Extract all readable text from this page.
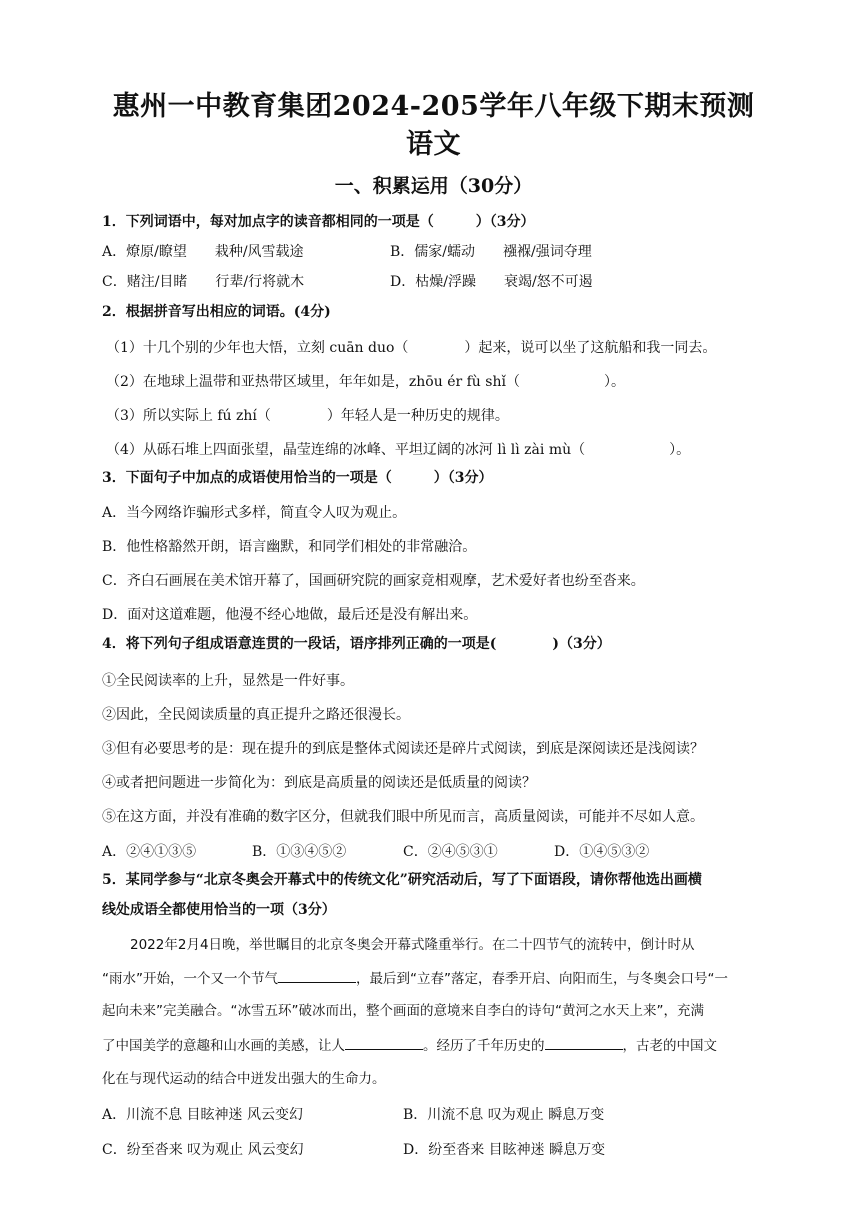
惠州一中教育集团2024-205学年八年级下期末预测
语文
一、积累运用（30分）
1．下列词语中，每对加点字的读音都相同的一项是（　　　）（3分）
A．燎原/瞭望　　栽种/风雪载途	B．儒家/蠕动　　襁褓/强词夺理
C．赌注/目睹　　行辈/行将就木	D．枯燥/浮躁　　衰竭/怒不可遏
2．根据拼音写出相应的词语。(4分)
（1）十几个别的少年也大悟，立刻 cuān duo（　　　　）起来，说可以坐了这航船和我一同去。
（2）在地球上温带和亚热带区域里，年年如是，zhōu ér fù shǐ（　　　　　　）。
（3）所以实际上 fú zhí（　　　　）年轻人是一种历史的规律。
（4）从砾石堆上四面张望，晶莹连绵的冰峰、平坦辽阔的冰河 lì lì zài mù（　　　　　　）。
3．下面句子中加点的成语使用恰当的一项是（　　　）（3分）
A．当今网络诈骗形式多样，简直令人叹为观止。
B．他性格豁然开朗，语言幽默，和同学们相处的非常融洽。
C．齐白石画展在美术馆开幕了，国画研究院的画家竞相观摩，艺术爱好者也纷至沓来。
D．面对这道难题，他漫不经心地做，最后还是没有解出来。
4．将下列句子组成语意连贯的一段话，语序排列正确的一项是(　　　　)（3分）
①全民阅读率的上升，显然是一件好事。
②因此，全民阅读质量的真正提升之路还很漫长。
③但有必要思考的是：现在提升的到底是整体式阅读还是碎片式阅读，到底是深阅读还是浅阅读？
④或者把问题进一步简化为：到底是高质量的阅读还是低质量的阅读？
⑤在这方面，并没有准确的数字区分，但就我们眼中所见而言，高质量阅读，可能并不尽如人意。
A．②④①③⑤	B．①③④⑤②	C．②④⑤③①	D．①④⑤③②
5．某同学参与“北京冬奥会开幕式中的传统文化”研究活动后，写了下面语段，请你帮他选出画横
线处成语全都使用恰当的一项（3分）
2022年2月4日晚，举世瞩目的北京冬奥会开幕式隆重举行。在二十四节气的流转中，倒计时从
“雨水”开始，一个又一个节气	，最后到“立春”落定，春季开启、向阳而生，与冬奥会口号“一
起向未来”完美融合。“冰雪五环”破冰而出，整个画面的意境来自李白的诗句“黄河之水天上来”，充满
了中国美学的意趣和山水画的美感，让人	。经历了千年历史的	，古老的中国文
化在与现代运动的结合中迸发出强大的生命力。
A．川流不息 目眩神迷 风云变幻	B．川流不息 叹为观止 瞬息万变
C．纷至沓来 叹为观止 风云变幻	D．纷至沓来 目眩神迷 瞬息万变
